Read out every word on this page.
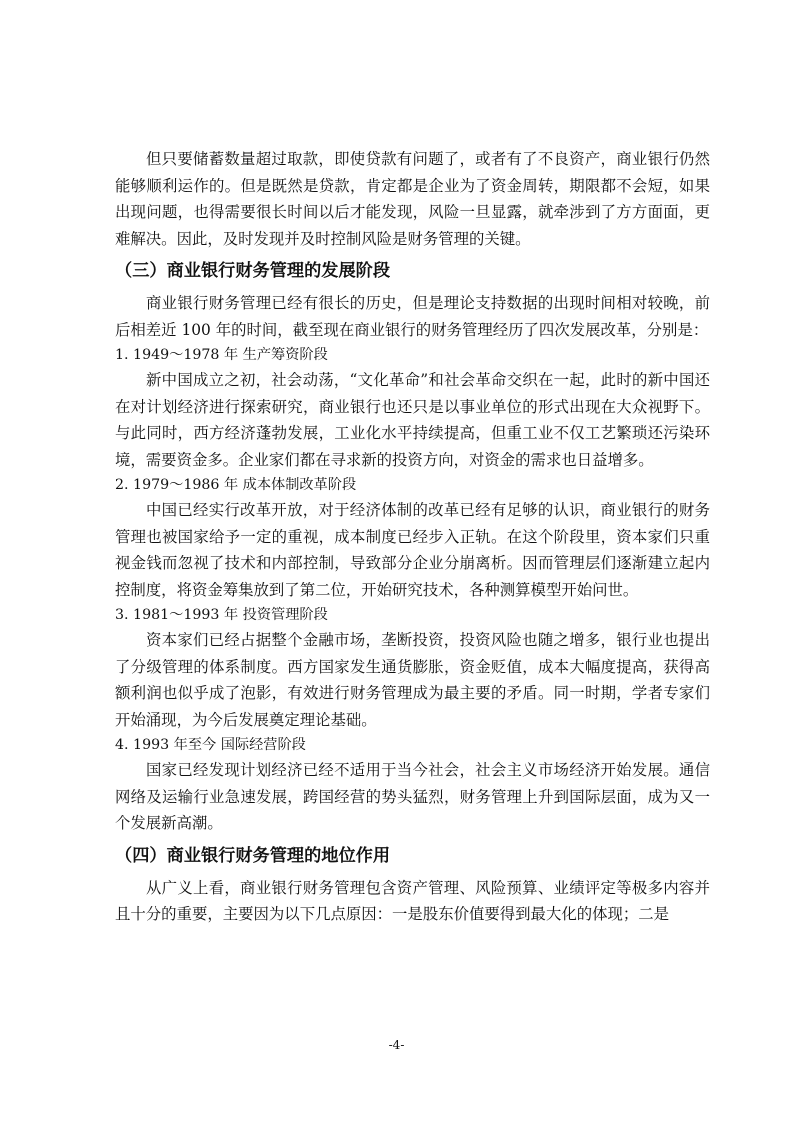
但只要储蓄数量超过取款，即使贷款有问题了，或者有了不良资产，商业银行仍然能够顺利运作的。但是既然是贷款，肯定都是企业为了资金周转，期限都不会短，如果出现问题，也得需要很长时间以后才能发现，风险一旦显露，就牵涉到了方方面面，更难解决。因此，及时发现并及时控制风险是财务管理的关键。

（三）商业银行财务管理的发展阶段

商业银行财务管理已经有很长的历史，但是理论支持数据的出现时间相对较晚，前后相差近 100 年的时间，截至现在商业银行的财务管理经历了四次发展改革，分别是：

1. 1949～1978 年 生产筹资阶段

新中国成立之初，社会动荡，“文化革命”和社会革命交织在一起，此时的新中国还在对计划经济进行探索研究，商业银行也还只是以事业单位的形式出现在大众视野下。与此同时，西方经济蓬勃发展，工业化水平持续提高，但重工业不仅工艺繁琐还污染环境，需要资金多。企业家们都在寻求新的投资方向，对资金的需求也日益增多。

2. 1979～1986 年 成本体制改革阶段

中国已经实行改革开放，对于经济体制的改革已经有足够的认识，商业银行的财务管理也被国家给予一定的重视，成本制度已经步入正轨。在这个阶段里，资本家们只重视金钱而忽视了技术和内部控制，导致部分企业分崩离析。因而管理层们逐渐建立起内控制度，将资金筹集放到了第二位，开始研究技术，各种测算模型开始问世。

3. 1981～1993 年 投资管理阶段

资本家们已经占据整个金融市场，垄断投资，投资风险也随之增多，银行业也提出了分级管理的体系制度。西方国家发生通货膨胀，资金贬值，成本大幅度提高，获得高额利润也似乎成了泡影，有效进行财务管理成为最主要的矛盾。同一时期，学者专家们开始涌现，为今后发展奠定理论基础。

4. 1993 年至今 国际经营阶段

国家已经发现计划经济已经不适用于当今社会，社会主义市场经济开始发展。通信网络及运输行业急速发展，跨国经营的势头猛烈，财务管理上升到国际层面，成为又一个发展新高潮。

（四）商业银行财务管理的地位作用

从广义上看，商业银行财务管理包含资产管理、风险预算、业绩评定等极多内容并且十分的重要，主要因为以下几点原因：一是股东价值要得到最大化的体现；二是

-4-
